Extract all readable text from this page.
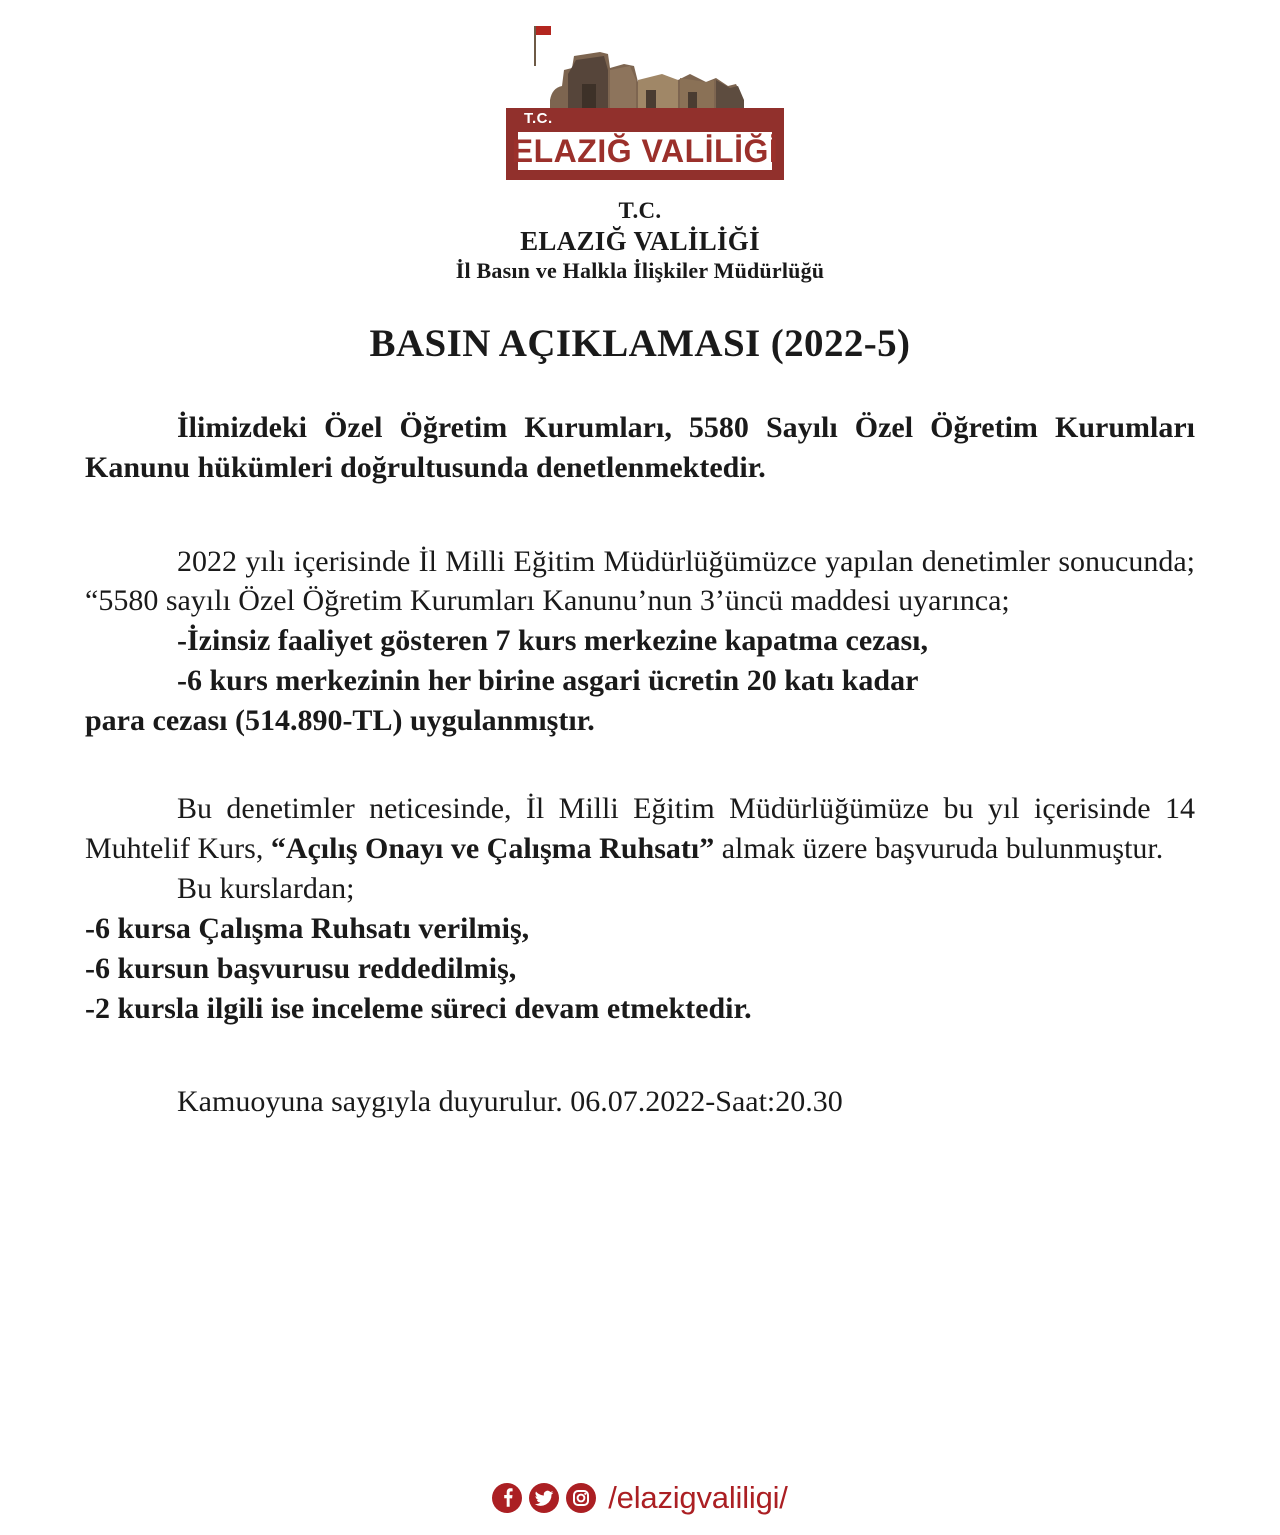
T.C.
ELAZIĞ VALİLİĞİ
T.C.
ELAZIĞ VALİLİĞİ
İl Basın ve Halkla İlişkiler Müdürlüğü
BASIN AÇIKLAMASI (2022-5)

İlimizdeki Özel Öğretim Kurumları, 5580 Sayılı Özel Öğretim Kurumları Kanunu hükümleri doğrultusunda denetlenmektedir.

2022 yılı içerisinde İl Milli Eğitim Müdürlüğümüzce yapılan denetimler sonucunda; “5580 sayılı Özel Öğretim Kurumları Kanunu’nun 3’üncü maddesi uyarınca;

-İzinsiz faaliyet gösteren 7 kurs merkezine kapatma cezası,

-6 kurs merkezinin her birine asgari ücretin 20 katı kadar

para cezası (514.890-TL) uygulanmıştır.

Bu denetimler neticesinde, İl Milli Eğitim Müdürlüğümüze bu yıl içerisinde 14 Muhtelif Kurs, “Açılış Onayı ve Çalışma Ruhsatı” almak üzere başvuruda bulunmuştur.

Bu kurslardan;

-6 kursa Çalışma Ruhsatı verilmiş,

-6 kursun başvurusu reddedilmiş,

-2 kursla ilgili ise inceleme süreci devam etmektedir.

Kamuoyuna saygıyla duyurulur. 06.07.2022-Saat:20.30

/elazigvaliligi/
